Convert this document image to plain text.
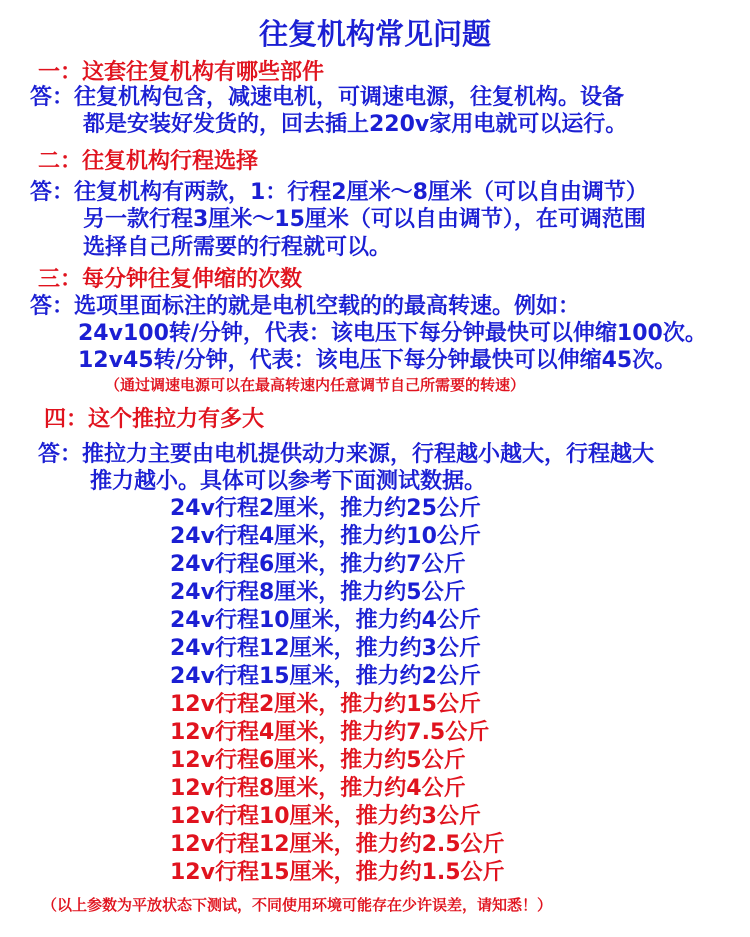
往复机构常见问题
一：这套往复机构有哪些部件
答：往复机构包含，减速电机，可调速电源，往复机构。设备
都是安装好发货的，回去插上220v家用电就可以运行。
二：往复机构行程选择
答：往复机构有两款，1：行程2厘米～8厘米（可以自由调节）
另一款行程3厘米～15厘米（可以自由调节），在可调范围
选择自己所需要的行程就可以。
三：每分钟往复伸缩的次数
答：选项里面标注的就是电机空载的的最高转速。例如：
24v100转/分钟，代表：该电压下每分钟最快可以伸缩100次。
12v45转/分钟，代表：该电压下每分钟最快可以伸缩45次。
（通过调速电源可以在最高转速内任意调节自己所需要的转速）
四：这个推拉力有多大
答：推拉力主要由电机提供动力来源，行程越小越大，行程越大
推力越小。具体可以参考下面测试数据。
24v行程2厘米，推力约25公斤
24v行程4厘米，推力约10公斤
24v行程6厘米，推力约7公斤
24v行程8厘米，推力约5公斤
24v行程10厘米，推力约4公斤
24v行程12厘米，推力约3公斤
24v行程15厘米，推力约2公斤
12v行程2厘米，推力约15公斤
12v行程4厘米，推力约7.5公斤
12v行程6厘米，推力约5公斤
12v行程8厘米，推力约4公斤
12v行程10厘米，推力约3公斤
12v行程12厘米，推力约2.5公斤
12v行程15厘米，推力约1.5公斤
（以上参数为平放状态下测试，不同使用环境可能存在少许误差，请知悉！）
